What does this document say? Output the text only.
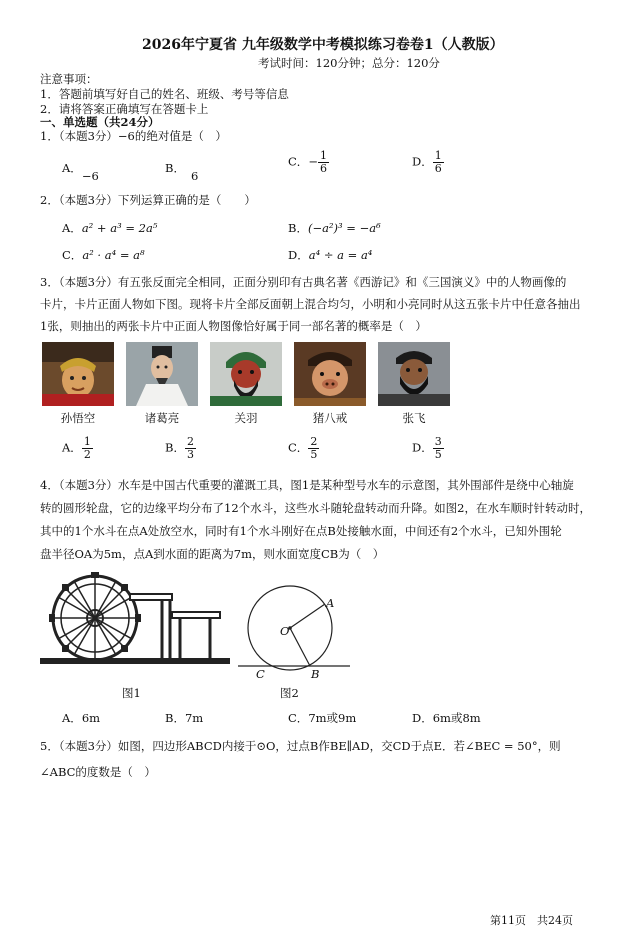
2026年宁夏省 九年级数学中考模拟练习卷卷1（人教版）
考试时间：120分钟；总分：120分
注意事项：
1．答题前填写好自己的姓名、班级、考号等信息
2．请将答案正确填写在答题卡上
一、单选题（共24分）
1．（本题3分）−6的绝对值是（　）
A．−6
B．6
C．− $\frac{1}{6}$	D． $\frac{1}{6}$
2．（本题3分）下列运算正确的是（　　）
A．a² + a³ = 2a⁵	B．(−a²)³ = −a⁶
C．a² · a⁴ = a⁸	D．a⁴ ÷ a = a⁴
3．（本题3分）有五张反面完全相同，正面分别印有古典名著《西游记》和《三国演义》中的人物画像的
卡片，卡片正面人物如下图。现将卡片全部反面朝上混合均匀，小明和小亮同时从这五张卡片中任意各抽出
1张，则抽出的两张卡片中正面人物图像恰好属于同一部名著的概率是（　）
孙悟空	诸葛亮	关羽	猪八戒	张飞
A． $\frac{1}{2}$	B． $\frac{2}{3}$	C． $\frac{2}{5}$	D． $\frac{3}{5}$
4．（本题3分）水车是中国古代重要的灌溉工具，图1是某种型号水车的示意图，其外围部件是绕中心轴旋
转的圆形轮盘，它的边缘平均分布了12个水斗，这些水斗随轮盘转动而升降。如图2，在水车顺时针转动时，
其中的1个水斗在点A处放空水，同时有1个水斗刚好在点B处接触水面，中间还有2个水斗，已知外围轮
盘半径OA为5m，点A到水面的距离为7m，则水面宽度CB为（　）
图1
A
O
C	B
图2
A．6m	B．7m	C．7m或9m	D．6m或8m
5．（本题3分）如图，四边形ABCD内接于⊙O，过点B作BE∥AD，交CD于点E．若∠BEC = 50°，则
∠ABC的度数是（　）
第11页　共24页
